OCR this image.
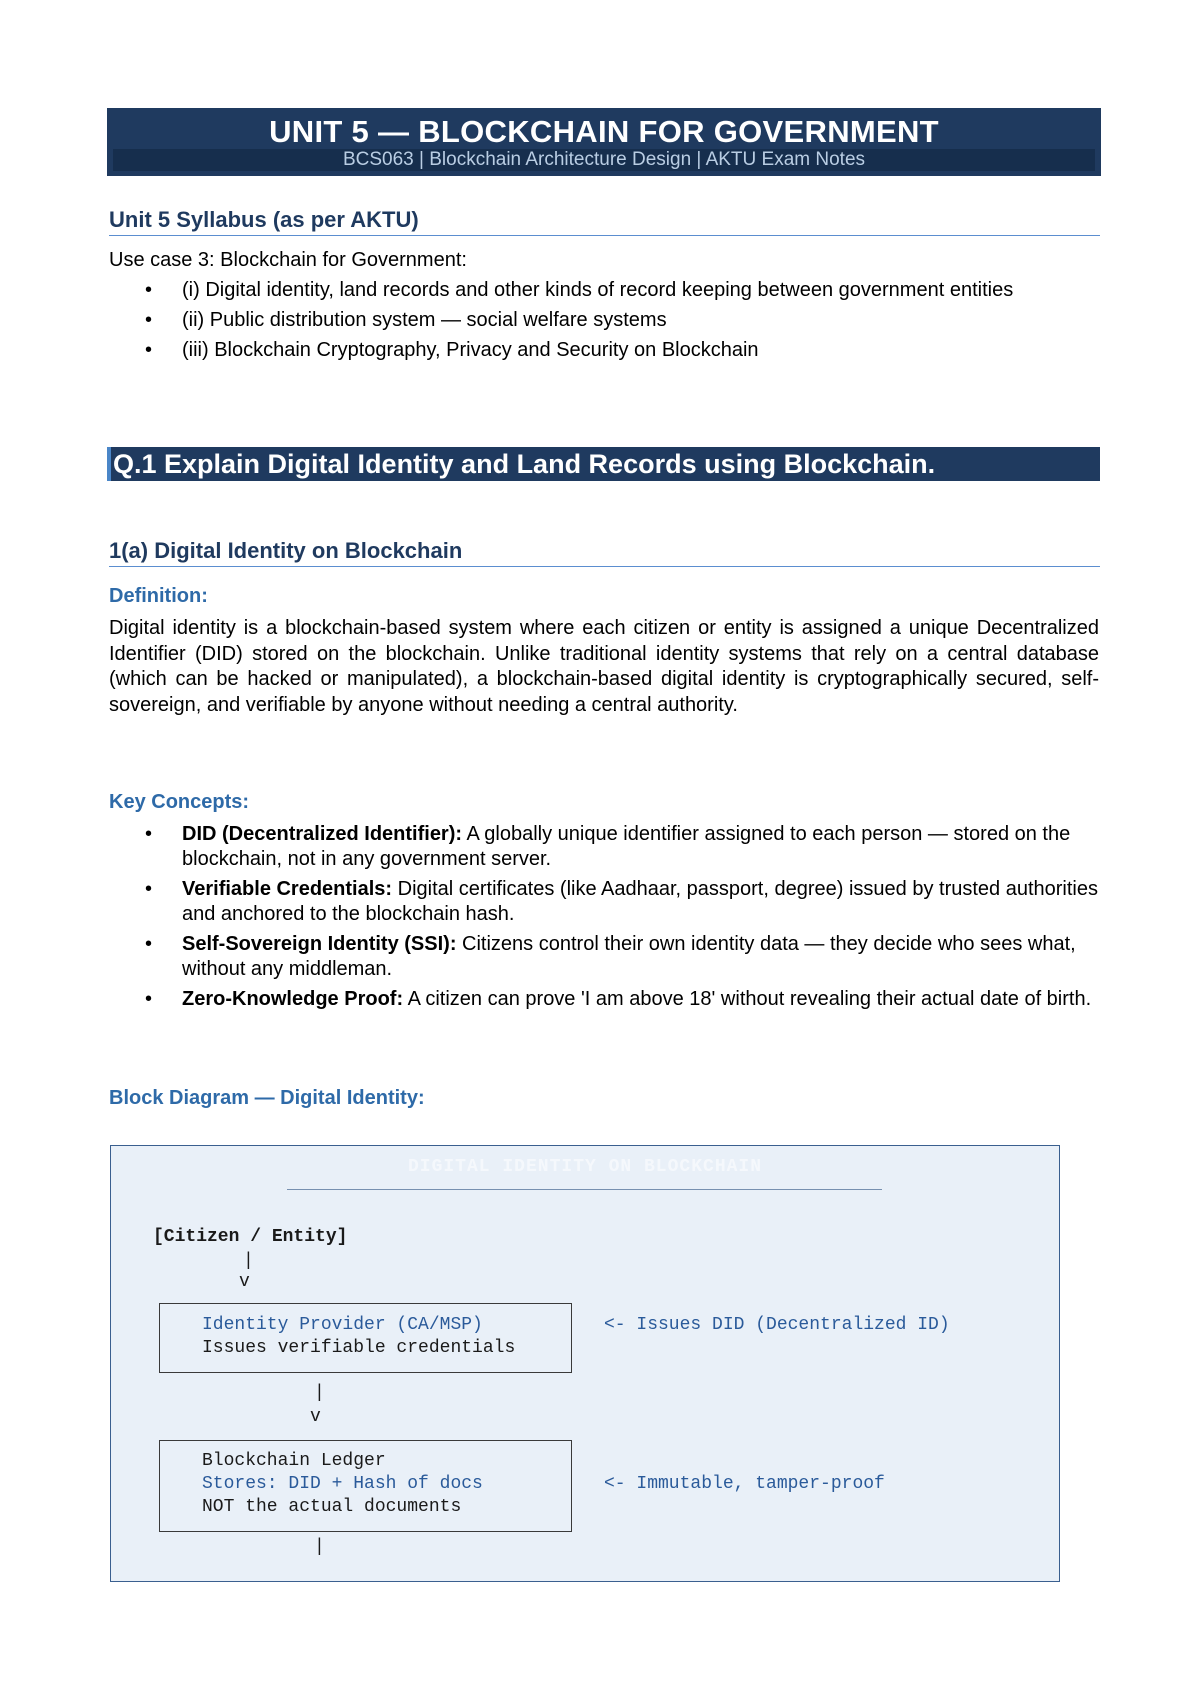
UNIT 5 — BLOCKCHAIN FOR GOVERNMENT
BCS063 | Blockchain Architecture Design | AKTU Exam Notes
Unit 5 Syllabus (as per AKTU)
Use case 3: Blockchain for Government:
• (i) Digital identity, land records and other kinds of record keeping between government entities
• (ii) Public distribution system — social welfare systems
• (iii) Blockchain Cryptography, Privacy and Security on Blockchain
Q.1 Explain Digital Identity and Land Records using Blockchain.
1(a) Digital Identity on Blockchain
Definition:
Digital identity is a blockchain-based system where each citizen or entity is assigned a unique Decentralized Identifier (DID) stored on the blockchain. Unlike traditional identity systems that rely on a central database (which can be hacked or manipulated), a blockchain-based digital identity is cryptographically secured, self-sovereign, and verifiable by anyone without needing a central authority.
Key Concepts:
• DID (Decentralized Identifier): A globally unique identifier assigned to each person — stored on the blockchain, not in any government server.
• Verifiable Credentials: Digital certificates (like Aadhaar, passport, degree) issued by trusted authorities and anchored to the blockchain hash.
• Self-Sovereign Identity (SSI): Citizens control their own identity data — they decide who sees what, without any middleman.
• Zero-Knowledge Proof: A citizen can prove 'I am above 18' without revealing their actual date of birth.
Block Diagram — Digital Identity:
DIGITAL IDENTITY ON BLOCKCHAIN
[Citizen / Entity]
|
v
Identity Provider (CA/MSP)
Issues verifiable credentials
<- Issues DID (Decentralized ID)
|
v
Blockchain Ledger
Stores: DID + Hash of docs
NOT the actual documents
<- Immutable, tamper-proof
|
